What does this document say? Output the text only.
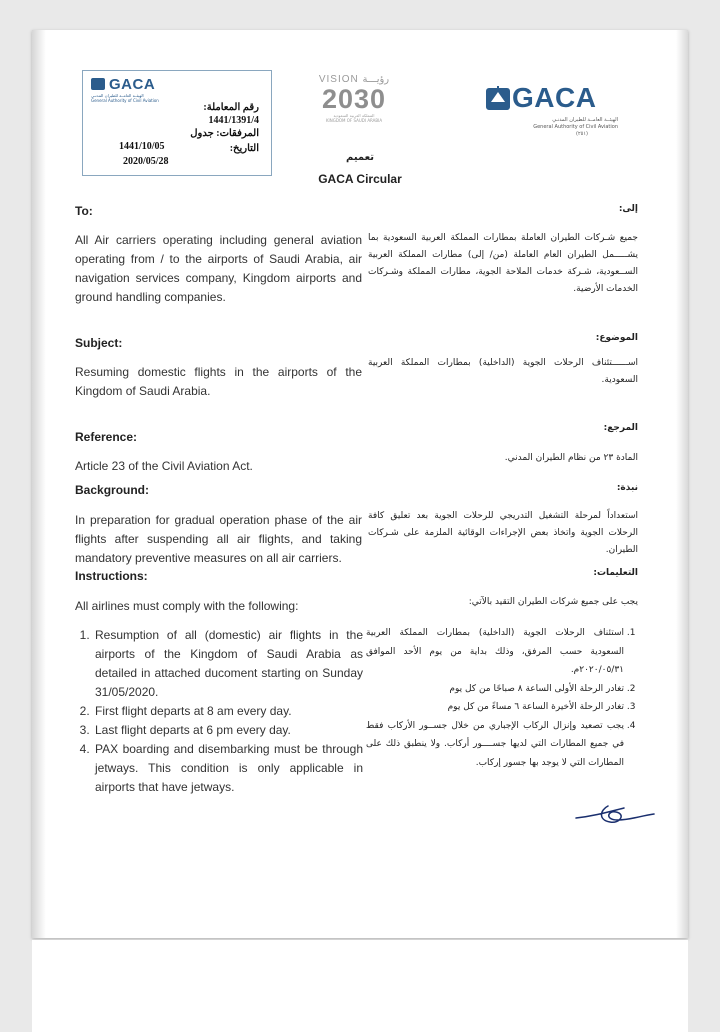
GACA
الهيئــة العامــة للطيران المدنـي
General Authority of Civil Aviation
رقم المعاملة:
1441/1391/4
المرفقات: جدول
1441/10/05	التاريخ:
2020/05/28
VISION رؤيـــة
2030
المملكة العربية السعودية
KINGDOM OF SAUDI ARABIA
GACA
الهيئــة العامــة للطيران المدنـي
General Authority of Civil Aviation
(٢٥١)
تعميم
GACA Circular
To:	إلى:
All Air carriers operating including general aviation operating from / to the airports of Saudi Arabia, air navigation services company, Kingdom airports and ground handling companies.
جميع شـركات الطيران العاملة بمطارات المملكة العربية السعودية بما يشـــــمل الطيران العام العاملة (من/ إلى) مطارات المملكة العربية الســعودية، شـركة خدمات الملاحة الجوية، مطارات المملكة وشـركات الخدمات الأرضية.
Subject:	الموضوع:
Resuming domestic flights in the airports of the Kingdom of Saudi Arabia.
اســــــتئناف الرحلات الجوية (الداخلية) بمطارات المملكة العربية السعودية.
Reference:
المرجع:
Article 23 of the Civil Aviation Act.
المادة ٢٣ من نظام الطيران المدني.
Background:	نبذة:
In preparation for gradual operation phase of the air flights after suspending all air flights, and taking mandatory preventive measures on all air carriers.
استعداداً لمرحلة التشغيل التدريجي للرحلات الجوية بعد تعليق كافة الرحلات الجوية واتخاذ بعض الإجراءات الوقائية الملزمة على شـركات الطيران.
Instructions:	التعليمات:
All airlines must comply with the following:	يجب على جميع شركات الطيران التقيد بالآتي:
1. Resumption of all (domestic) air flights in the airports of the Kingdom of Saudi Arabia as detailed in attached ducoment starting on Sunday 31/05/2020.
2. First flight departs at 8 am every day.
3. Last flight departs at 6 pm every day.
4. PAX boarding and disembarking must be through jetways. This condition is only applicable in airports that have jetways.
1. استئناف الرحلات الجوية (الداخلية) بمطارات المملكة العربية السعودية حسب المرفق، وذلك بداية من يوم الأحد الموافق ٢٠٢٠/٠٥/٣١م.
2. تغادر الرحلة الأولى الساعة ٨ صباحًا من كل يوم
3. تغادر الرحلة الأخيرة الساعة ٦ مساءً من كل يوم
4. يجب تصعيد وإنزال الركاب الإجباري من خلال جســور الأركاب فقط في جميع المطارات التي لديها جســــور أركاب. ولا ينطبق ذلك على المطارات التي لا يوجد بها جسور إركاب.
